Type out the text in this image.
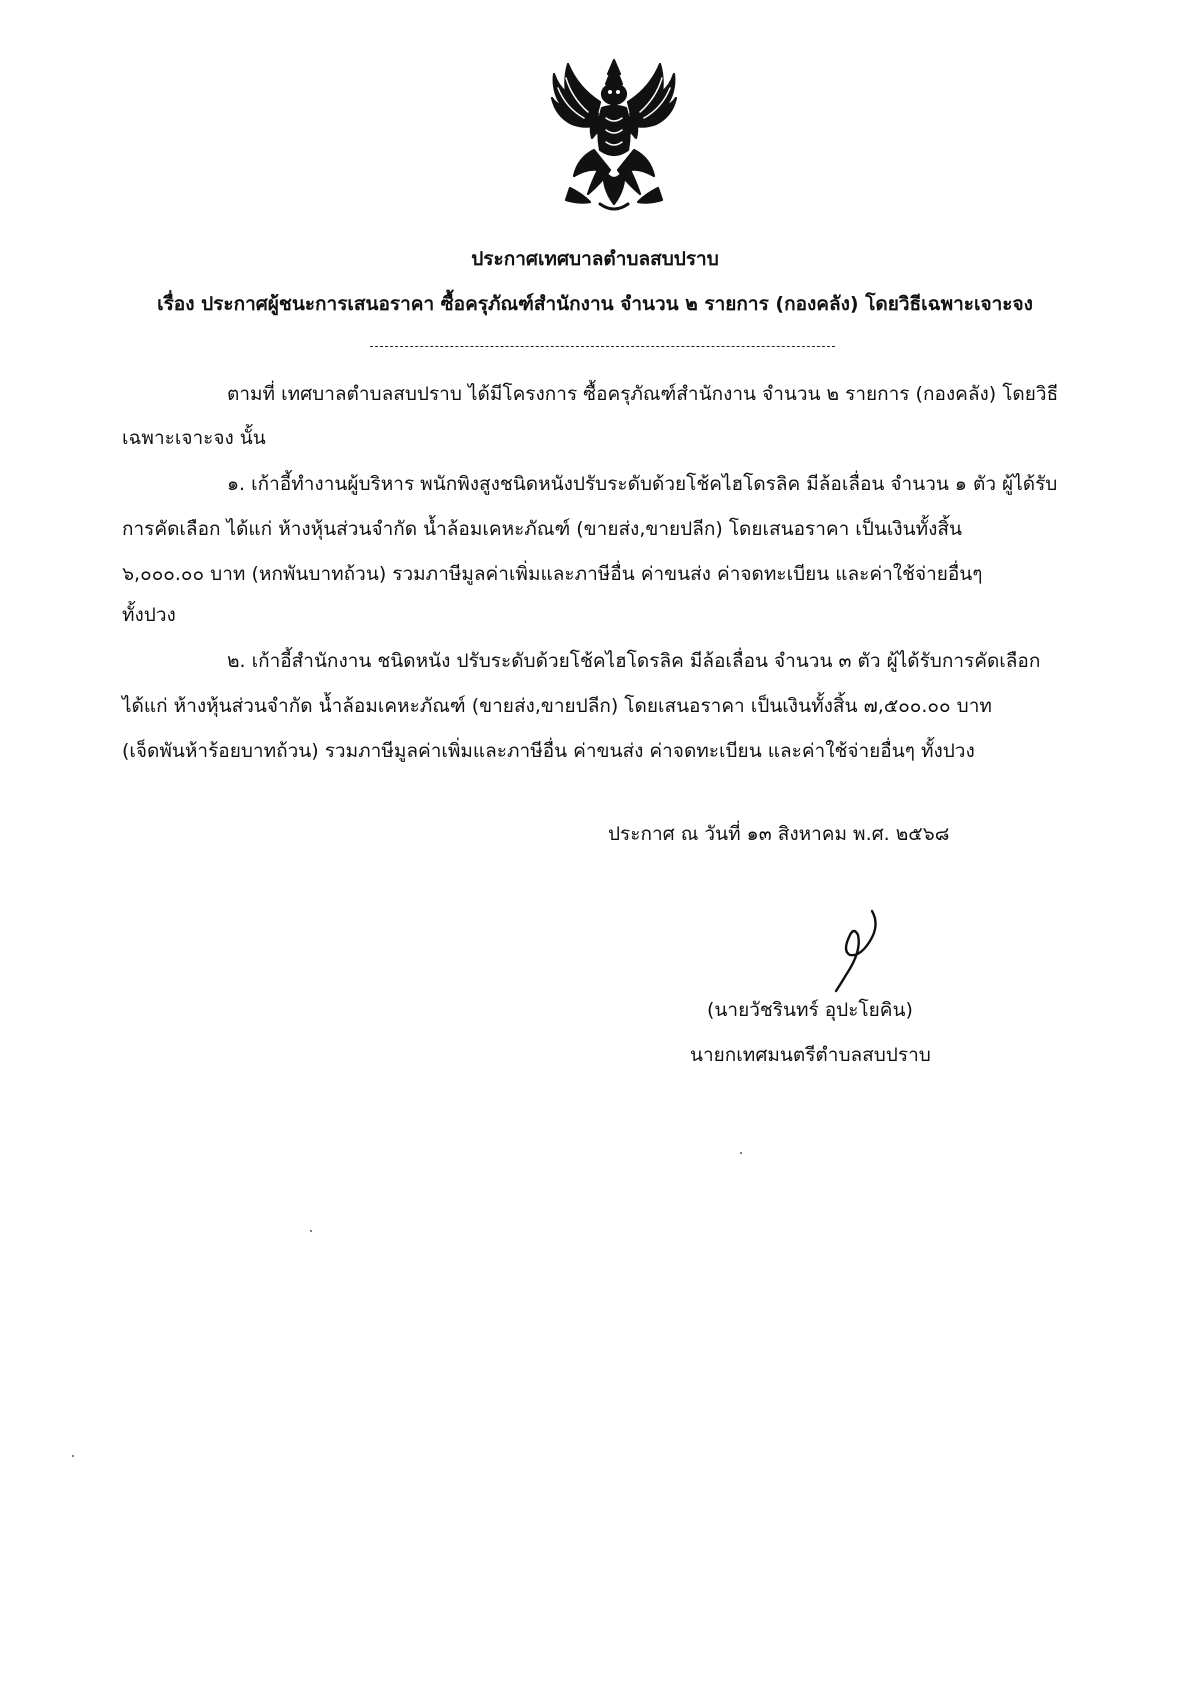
ประกาศเทศบาลตำบลสบปราบ
เรื่อง ประกาศผู้ชนะการเสนอราคา ซื้อครุภัณฑ์สำนักงาน จำนวน ๒ รายการ (กองคลัง) โดยวิธีเฉพาะเจาะจง
ตามที่ เทศบาลตำบลสบปราบ ได้มีโครงการ ซื้อครุภัณฑ์สำนักงาน จำนวน ๒ รายการ (กองคลัง) โดยวิธี
เฉพาะเจาะจง นั้น
๑. เก้าอี้ทำงานผู้บริหาร พนักพิงสูงชนิดหนังปรับระดับด้วยโช้คไฮโดรลิค มีล้อเลื่อน จำนวน ๑ ตัว ผู้ได้รับ
การคัดเลือก ได้แก่ ห้างหุ้นส่วนจำกัด น้ำล้อมเคหะภัณฑ์ (ขายส่ง,ขายปลีก) โดยเสนอราคา เป็นเงินทั้งสิ้น
๖,๐๐๐.๐๐ บาท (หกพันบาทถ้วน) รวมภาษีมูลค่าเพิ่มและภาษีอื่น ค่าขนส่ง ค่าจดทะเบียน และค่าใช้จ่ายอื่นๆ
ทั้งปวง
๒. เก้าอี้สำนักงาน ชนิดหนัง ปรับระดับด้วยโช้คไฮโดรลิค มีล้อเลื่อน จำนวน ๓ ตัว ผู้ได้รับการคัดเลือก
ได้แก่ ห้างหุ้นส่วนจำกัด น้ำล้อมเคหะภัณฑ์ (ขายส่ง,ขายปลีก) โดยเสนอราคา เป็นเงินทั้งสิ้น ๗,๕๐๐.๐๐ บาท
(เจ็ดพันห้าร้อยบาทถ้วน) รวมภาษีมูลค่าเพิ่มและภาษีอื่น ค่าขนส่ง ค่าจดทะเบียน และค่าใช้จ่ายอื่นๆ ทั้งปวง
ประกาศ ณ วันที่ ๑๓ สิงหาคม พ.ศ. ๒๕๖๘
(นายวัชรินทร์ อุปะโยคิน)
นายกเทศมนตรีตำบลสบปราบ
